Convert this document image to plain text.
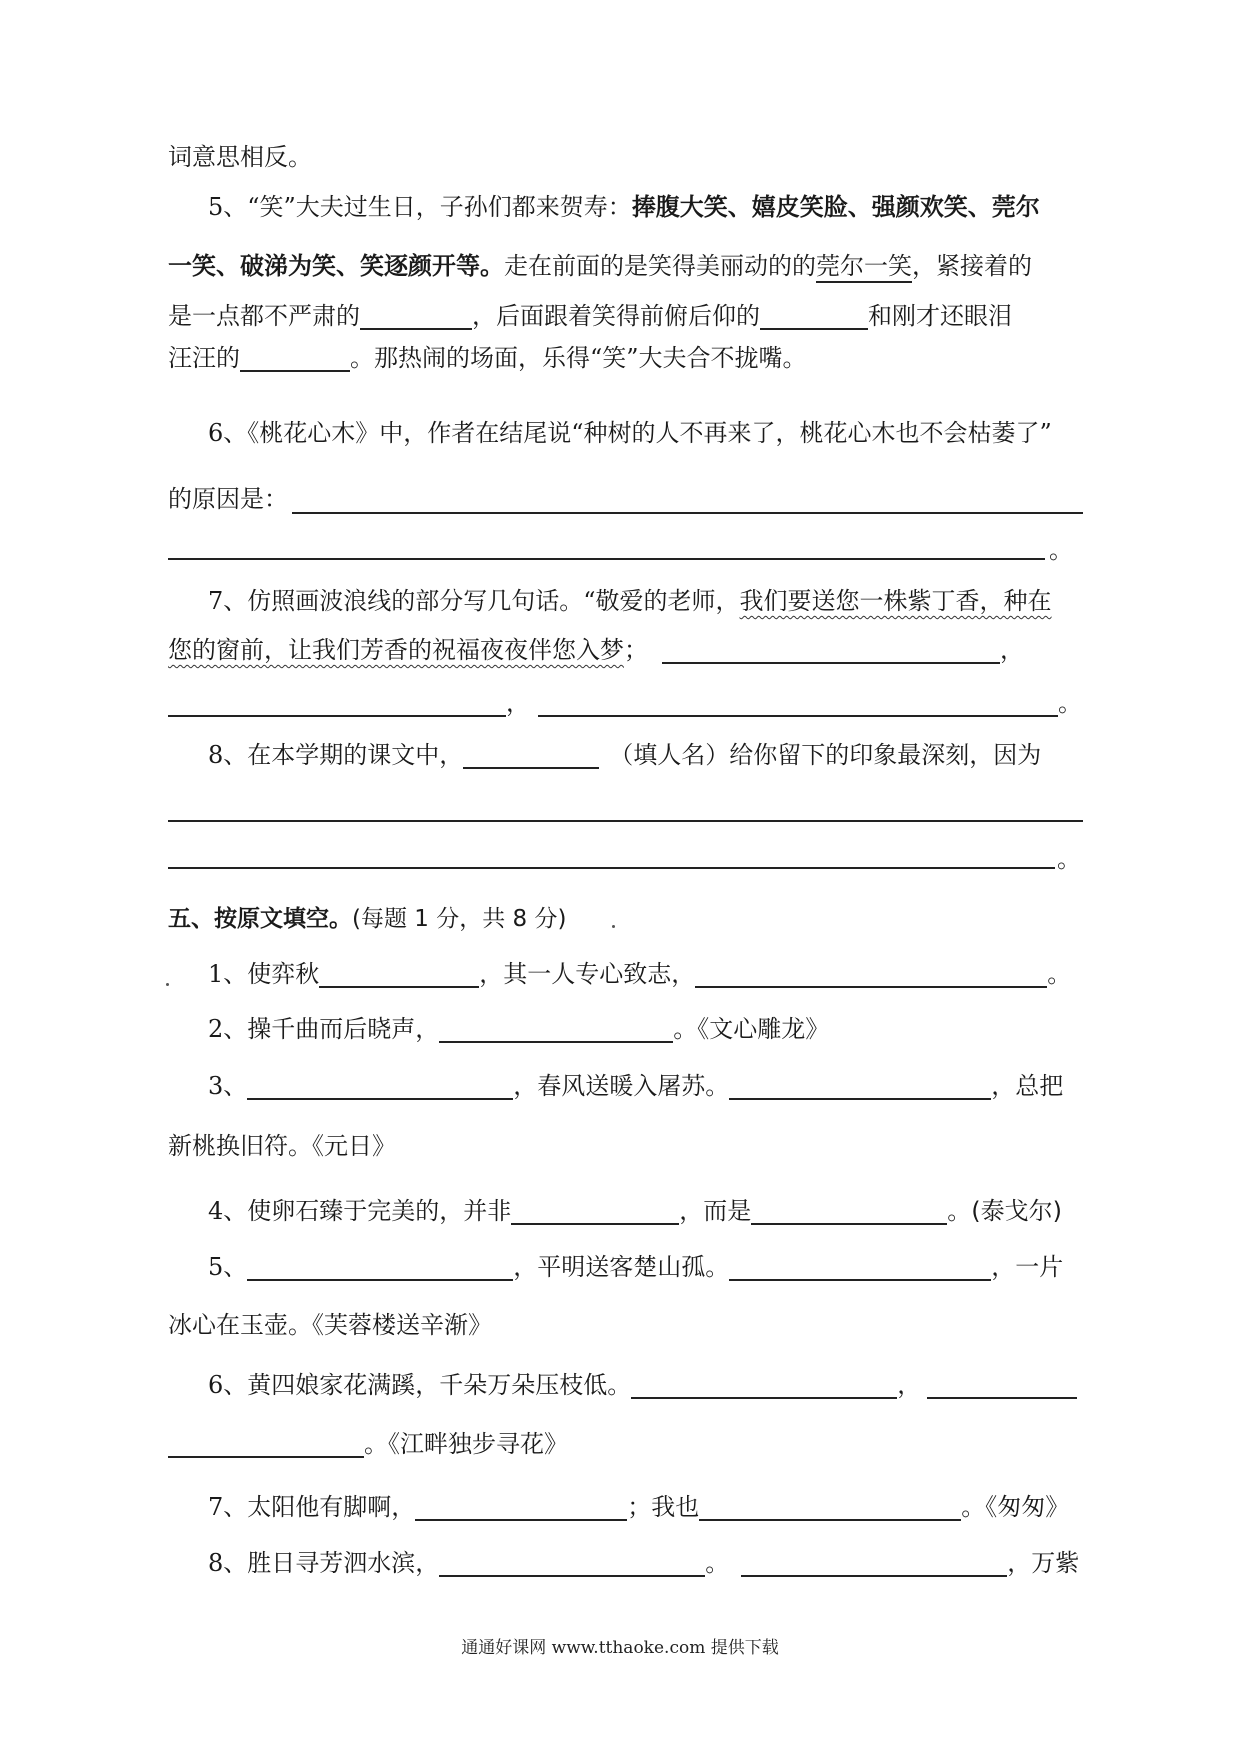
词意思相反。
5、“笑”大夫过生日，子孙们都来贺寿：捧腹大笑、嬉皮笑脸、强颜欢笑、莞尔
一笑、破涕为笑、笑逐颜开等。走在前面的是笑得美丽动的的莞尔一笑，紧接着的
是一点都不严肃的	，后面跟着笑得前俯后仰的	和刚才还眼泪
汪汪的	。那热闹的场面，乐得“笑”大夫合不拢嘴。
6、《桃花心木》中，作者在结尾说“种树的人不再来了，桃花心木也不会枯萎了”
的原因是：
。
7、仿照画波浪线的部分写几句话。“敬爱的老师，我们要送您一株紫丁香，种在
您的窗前，让我们芳香的祝福夜夜伴您入梦；	，
，	。
8、在本学期的课文中，	（填人名）给你留下的印象最深刻，因为
。
五、按原文填空。(每题 1 分，共 8 分)
1、使弈秋	，其一人专心致志，	。
2、操千曲而后晓声，	。《文心雕龙》
3、	，春风送暖入屠苏。	，总把
新桃换旧符。《元日》
4、使卵石臻于完美的，并非	，而是	。(泰戈尔)
5、	，平明送客楚山孤。	，一片
冰心在玉壶。《芙蓉楼送辛渐》
6、黄四娘家花满蹊，千朵万朵压枝低。	，
。《江畔独步寻花》
7、太阳他有脚啊，	；我也	。《匆匆》
8、胜日寻芳泗水滨，	。	，万紫
通通好课网 www.tthaoke.com 提供下载
